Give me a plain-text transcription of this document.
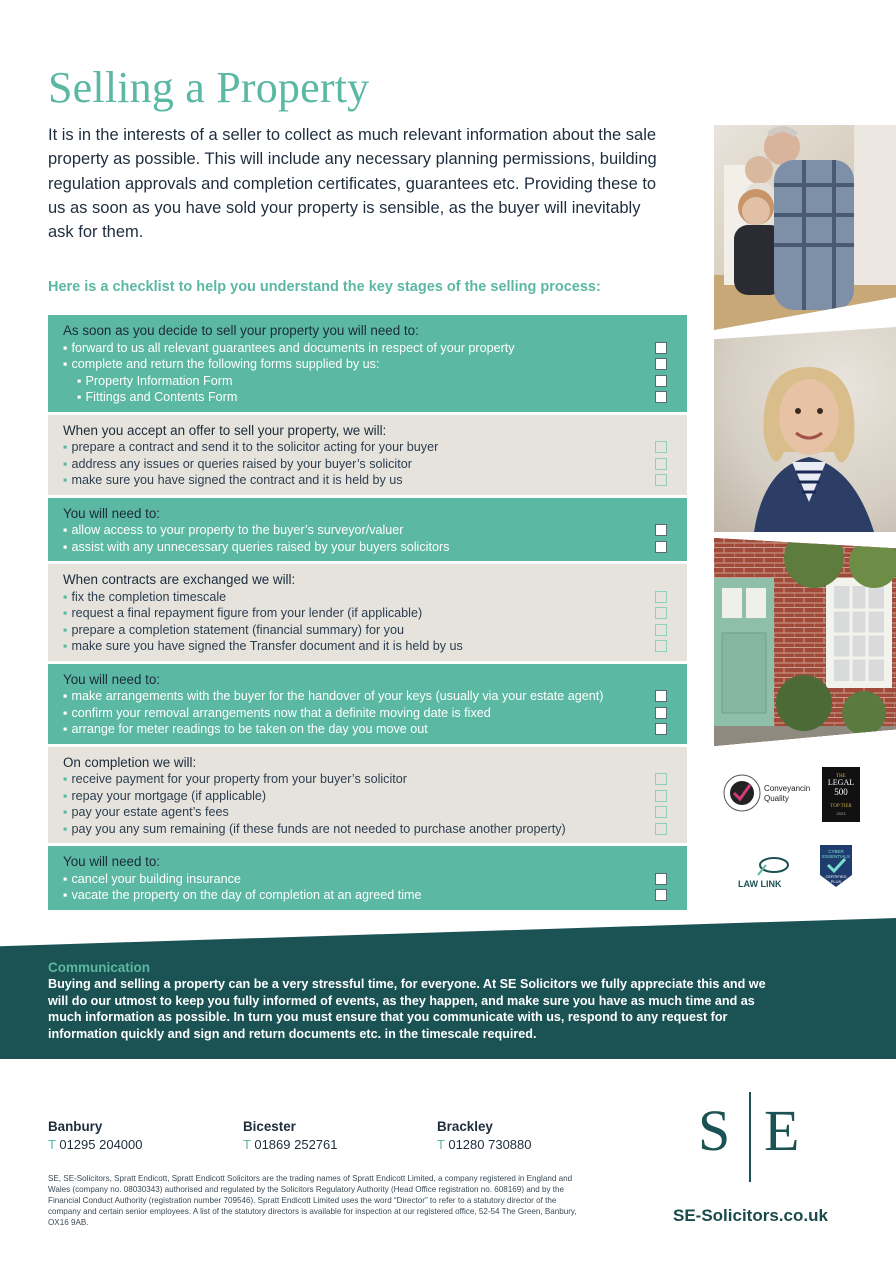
Selling a Property

It is in the interests of a seller to collect as much relevant information about the sale property as possible. This will include any necessary planning permissions, building regulation approvals and completion certificates, guarantees etc. Providing these to us as soon as you have sold your property is sensible, as the buyer will inevitably ask for them.

Here is a checklist to help you understand the key stages of the selling process:

As soon as you decide to sell your property you will need to:
▪ forward to us all relevant guarantees and documents in respect of your property
▪ complete and return the following forms supplied by us:
▪ Property Information Form
▪ Fittings and Contents Form
When you accept an offer to sell your property, we will:
▪ prepare a contract and send it to the solicitor acting for your buyer
▪ address any issues or queries raised by your buyer’s solicitor
▪ make sure you have signed the contract and it is held by us
You will need to:
▪ allow access to your property to the buyer’s surveyor/valuer
▪ assist with any unnecessary queries raised by your buyers solicitors
When contracts are exchanged we will:
▪ fix the completion timescale
▪ request a final repayment figure from your lender (if applicable)
▪ prepare a completion statement (financial summary) for you
▪ make sure you have signed the Transfer document and it is held by us
You will need to:
▪ make arrangements with the buyer for the handover of your keys (usually via your estate agent)
▪ confirm your removal arrangements now that a definite moving date is fixed
▪ arrange for meter readings to be taken on the day you move out
On completion we will:
▪ receive payment for your property from your buyer’s solicitor
▪ repay your mortgage (if applicable)
▪ pay your estate agent’s fees
▪ pay you any sum remaining (if these funds are not needed to purchase another property)
You will need to:
▪ cancel your building insurance
▪ vacate the property on the day of completion at an agreed time
Conveyancing
Quality
THE
LEGAL
500
TOP TIER
2023
LAW LINK
CYBER
ESSENTIALS
CERTIFIED
PLUS
Communication

Buying and selling a property can be a very stressful time, for everyone. At SE Solicitors we fully appreciate this and we will do our utmost to keep you fully informed of events, as they happen, and make sure you have as much time and as much information as possible. In turn you must ensure that you communicate with us, respond to any request for information quickly and sign and return documents etc. in the timescale required.

Banbury
T 01295 204000
Bicester
T 01869 252761
Brackley
T 01280 730880

SE, SE-Solicitors, Spratt Endicott, Spratt Endicott Solicitors are the trading names of Spratt Endicott Limited, a company registered in England and Wales (company no. 08030343) authorised and regulated by the Solicitors Regulatory Authority (Head Office registration no. 608169) and by the Financial Conduct Authority (registration number 709546). Spratt Endicott Limited uses the word “Director” to refer to a statutory director of the company and certain senior employees. A list of the statutory directors is available for inspection at our registered office, 52-54 The Green, Banbury, OX16 9AB.

S E
SE-Solicitors.co.uk
